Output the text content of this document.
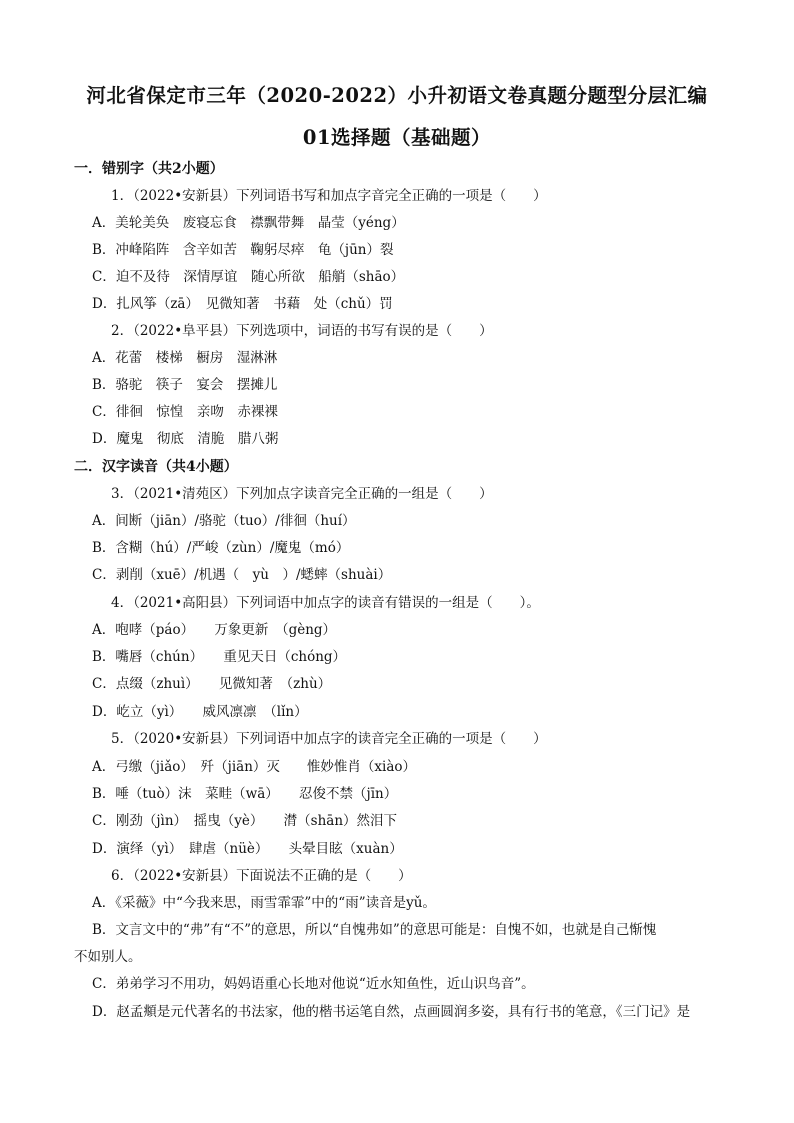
河北省保定市三年（2020-2022）小升初语文卷真题分题型分层汇编
01选择题（基础题）
一．错别字（共2小题）
1．（2022•安新县）下列词语书写和加点字音完全正确的一项是（　　）
A．美轮美奂　废寝忘食　襟飘带舞　晶莹（yéng）
B．冲峰陷阵　含辛如苦　鞠躬尽瘁　龟（jūn）裂
C．迫不及待　深情厚谊　随心所欲　船艄（shāo）
D．扎风筝（zā）　见微知著　书藉　处（chǔ）罚
2．（2022•阜平县）下列选项中，词语的书写有误的是（　　）
A．花蕾　楼梯　橱房　湿淋淋
B．骆驼　筷子　宴会　摆摊儿
C．徘徊　惊惶　亲吻　赤裸裸
D．魔鬼　彻底　清脆　腊八粥
二．汉字读音（共4小题）
3．（2021•清苑区）下列加点字读音完全正确的一组是（　　）
A．间断（jiān）/骆驼（tuo）/徘徊（huí）
B．含糊（hú）/严峻（zùn）/魔鬼（mó）
C．剥削（xuē）/机遇（　yù　）/蟋蟀（shuài）
4．（2021•高阳县）下列词语中加点字的读音有错误的一组是（　　）。
A．咆哮（páo）　　万象更新　（gèng）
B．嘴唇（chún）　　重见天日（chóng）
C．点缀（zhuì）　　见微知著　（zhù）
D．屹立（yì）　　威风凛凛　（lǐn）
5．（2020•安新县）下列词语中加点字的读音完全正确的一项是（　　）
A．弓缴（jiǎo）　歼（jiān）灭　　惟妙惟肖（xiào）
B．唾（tuò）沫　菜畦（wā）　　忍俊不禁（jīn）
C．刚劲（jìn）　摇曳（yè）　　潸（shān）然泪下
D．演绎（yì）　肆虐（nüè）　　头晕目眩（xuàn）
6．（2022•安新县）下面说法不正确的是（　　）
A．《采薇》中“今我来思，雨雪霏霏”中的“雨”读音是yǔ。
B．文言文中的“弗”有“不”的意思，所以“自愧弗如”的意思可能是：自愧不如，也就是自己惭愧
不如别人。
C．弟弟学习不用功，妈妈语重心长地对他说“近水知鱼性，近山识鸟音”。
D．赵孟頫是元代著名的书法家，他的楷书运笔自然，点画圆润多姿，具有行书的笔意，《三门记》是
